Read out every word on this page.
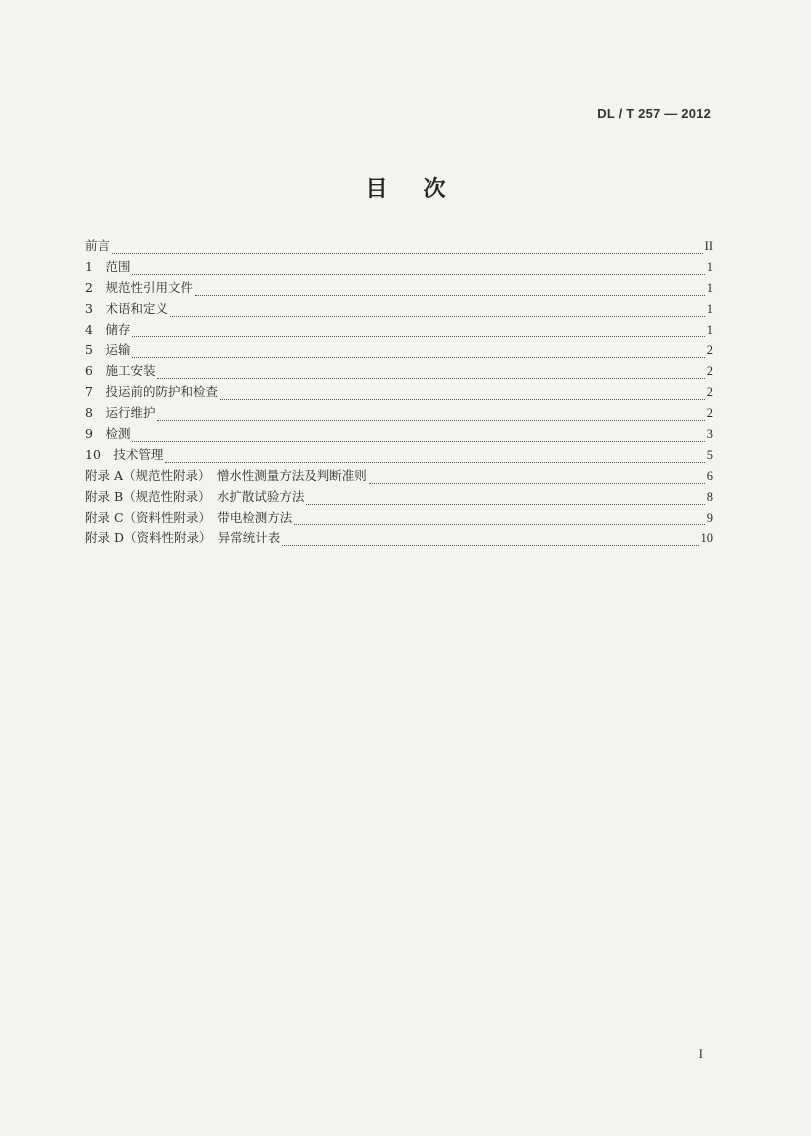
DL / T 257 — 2012
目次
前言	II
1　范围	1
2　规范性引用文件	1
3　术语和定义	1
4　储存	1
5　运输	2
6　施工安装	2
7　投运前的防护和检查	2
8　运行维护	2
9　检测	3
10　技术管理	5
附录 A（规范性附录）　憎水性测量方法及判断准则	6
附录 B（规范性附录）　水扩散试验方法	8
附录 C（资料性附录）　带电检测方法	9
附录 D（资料性附录）　异常统计表	10
I
